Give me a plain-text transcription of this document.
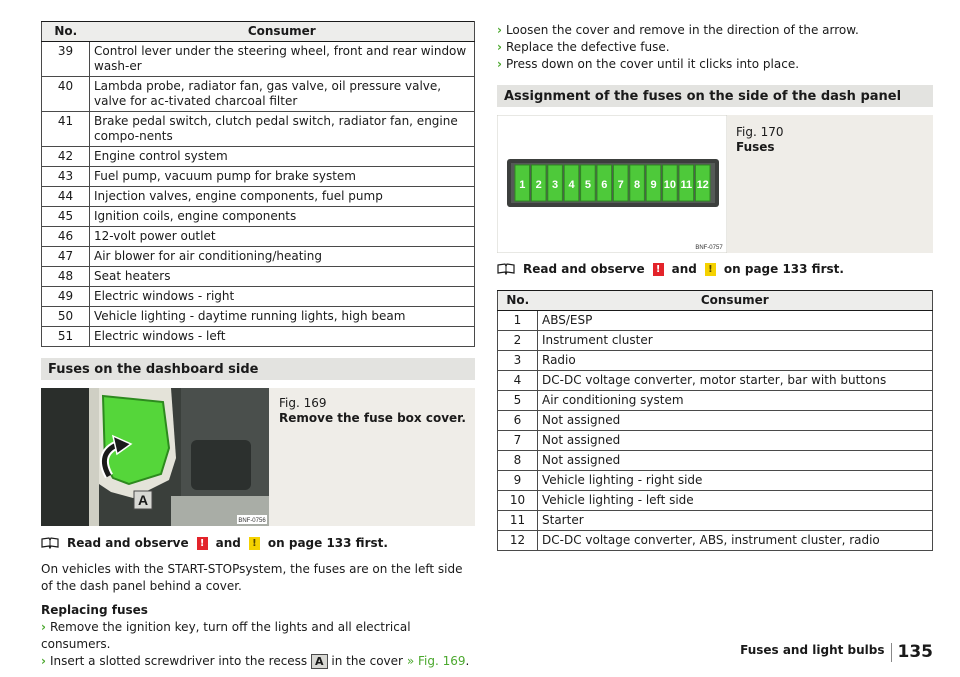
No.	Consumer
39	Control lever under the steering wheel, front and rear window wash-er
40	Lambda probe, radiator fan, gas valve, oil pressure valve, valve for ac-tivated charcoal filter
41	Brake pedal switch, clutch pedal switch, radiator fan, engine compo-nents
42	Engine control system
43	Fuel pump, vacuum pump for brake system
44	Injection valves, engine components, fuel pump
45	Ignition coils, engine components
46	12-volt power outlet
47	Air blower for air conditioning/heating
48	Seat heaters
49	Electric windows - right
50	Vehicle lighting - daytime running lights, high beam
51	Electric windows - left
Fuses on the dashboard side
A
BNF-0756
Fig. 169
Remove the fuse box cover.
Read and observe	! and	! on page 133 first.

On vehicles with the START-STOPsystem, the fuses are on the left side of the dash panel behind a cover.

Replacing fuses

› Remove the ignition key, turn off the lights and all electrical consumers.

› Insert a slotted screwdriver into the recess A in the cover » Fig. 169.

› Loosen the cover and remove in the direction of the arrow.

› Replace the defective fuse.

› Press down on the cover until it clicks into place.

Assignment of the fuses on the side of the dash panel
1 2 3 4 5 6 7 8 9 10 11 12
BNF-0757
Fig. 170
Fuses
Read and observe	! and	! on page 133 first.
No.	Consumer
1	ABS/ESP
2	Instrument cluster
3	Radio
4	DC-DC voltage converter, motor starter, bar with buttons
5	Air conditioning system
6	Not assigned
7	Not assigned
8	Not assigned
9	Vehicle lighting - right side
10	Vehicle lighting - left side
11	Starter
12	DC-DC voltage converter, ABS, instrument cluster, radio
Fuses and light bulbs 135
